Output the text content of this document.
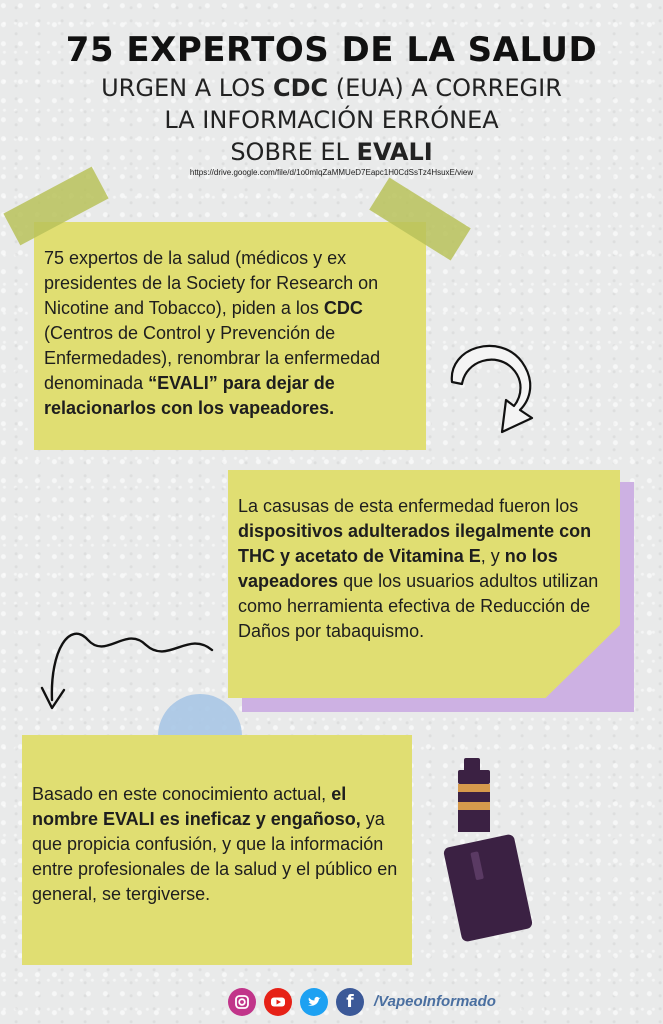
75 EXPERTOS DE LA SALUD
URGEN A LOS CDC (EUA) A CORREGIR
LA INFORMACIÓN ERRÓNEA
SOBRE EL EVALI
https://drive.google.com/file/d/1o0mlqZaMMUeD7Eapc1H0CdSsTz4HsuxE/view
75 expertos de la salud (médicos y ex presidentes de la Society for Research on Nicotine and Tobacco), piden a los CDC (Centros de Control y Prevención de Enfermedades), renombrar la enfermedad denominada “EVALI” para dejar de relacionarlos con los vapeadores.
La casusas de esta enfermedad fueron los dispositivos adulterados ilegalmente con THC y acetato de Vitamina E, y no los vapeadores que los usuarios adultos utilizan como herramienta efectiva de Reducción de Daños por tabaquismo.
Basado en este conocimiento actual, el nombre EVALI es ineficaz y engañoso, ya que propicia confusión, y que la información entre profesionales de la salud y el público en general, se tergiverse.
f /VapeoInformado
